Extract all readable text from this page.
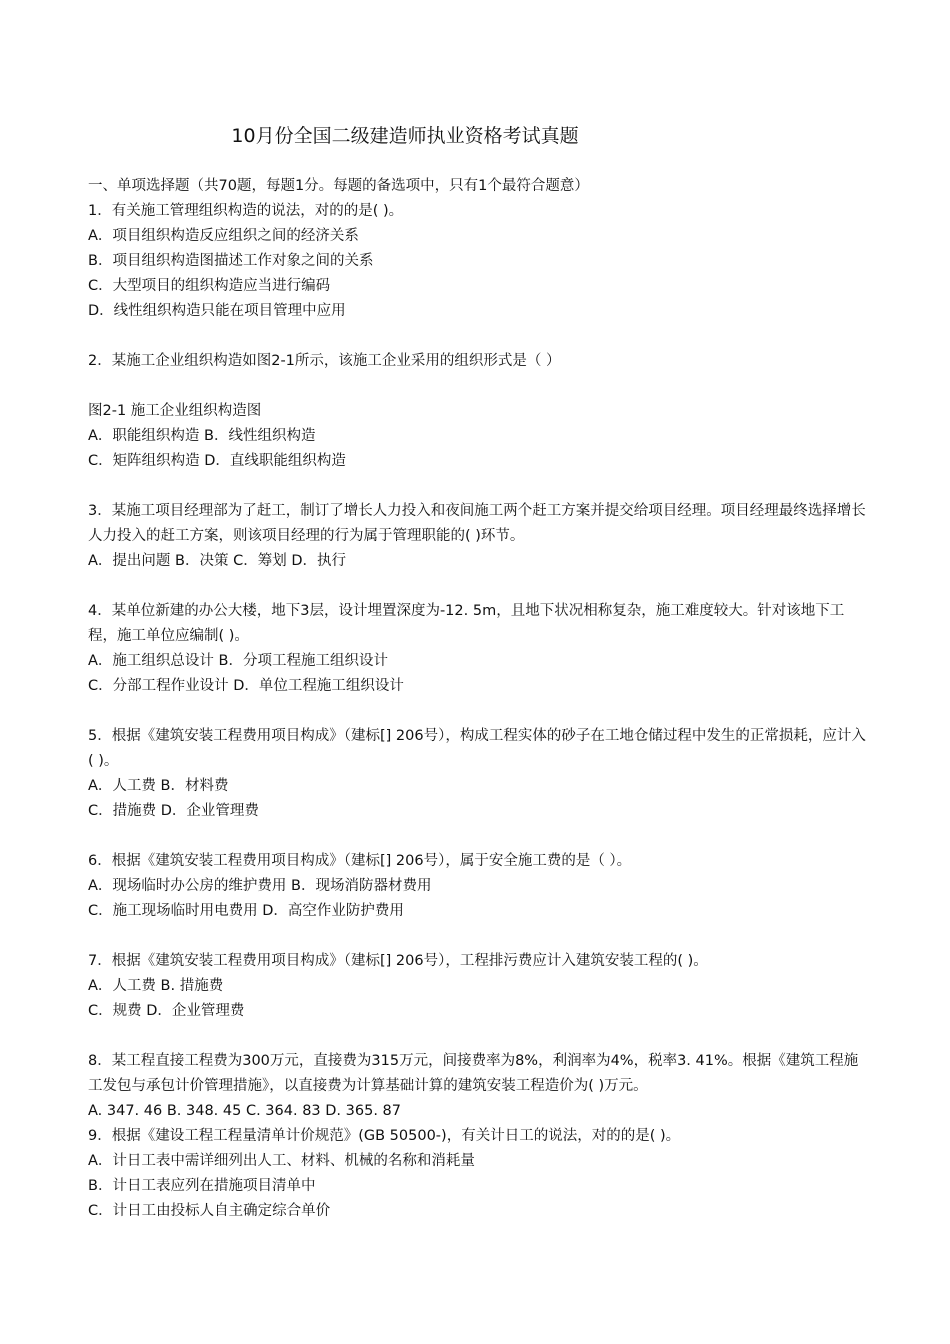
10月份全国二级建造师执业资格考试真题
一、单项选择题（共70题，每题1分。每题的备选项中，只有1个最符合题意）
1．有关施工管理组织构造的说法，对的的是( )。
A．项目组织构造反应组织之间的经济关系
B．项目组织构造图描述工作对象之间的关系
C．大型项目的组织构造应当进行编码
D．线性组织构造只能在项目管理中应用
2．某施工企业组织构造如图2-1所示，该施工企业采用的组织形式是（ ）
图2-1 施工企业组织构造图
A．职能组织构造 B．线性组织构造
C．矩阵组织构造 D．直线职能组织构造
3．某施工项目经理部为了赶工，制订了增长人力投入和夜间施工两个赶工方案并提交给项目经理。项目经理最终选择增长人力投入的赶工方案，则该项目经理的行为属于管理职能的( )环节。
A．提出问题 B．决策 C．筹划 D．执行
4．某单位新建的办公大楼，地下3层，设计埋置深度为-12. 5m，且地下状况相称复杂，施工难度较大。针对该地下工程，施工单位应编制( )。
A．施工组织总设计 B．分项工程施工组织设计
C．分部工程作业设计 D．单位工程施工组织设计
5．根据《建筑安装工程费用项目构成》（建标[] 206号），构成工程实体的砂子在工地仓储过程中发生的正常损耗，应计入( )。
A．人工费 B．材料费
C．措施费 D．企业管理费
6．根据《建筑安装工程费用项目构成》（建标[] 206号），属于安全施工费的是（ ）。
A．现场临时办公房的维护费用 B．现场消防器材费用
C．施工现场临时用电费用 D．高空作业防护费用
7．根据《建筑安装工程费用项目构成》（建标[] 206号），工程排污费应计入建筑安装工程的( )。
A．人工费 B. 措施费
C．规费 D．企业管理费
8．某工程直接工程费为300万元，直接费为315万元，间接费率为8%，利润率为4%，税率3. 41%。根据《建筑工程施工发包与承包计价管理措施》，以直接费为计算基础计算的建筑安装工程造价为( )万元。
A. 347. 46 B. 348. 45 C. 364. 83 D. 365. 87
9．根据《建设工程工程量清单计价规范》(GB 50500-)，有关计日工的说法，对的的是( )。
A．计日工表中需详细列出人工、材料、机械的名称和消耗量
B．计日工表应列在措施项目清单中
C．计日工由投标人自主确定综合单价
